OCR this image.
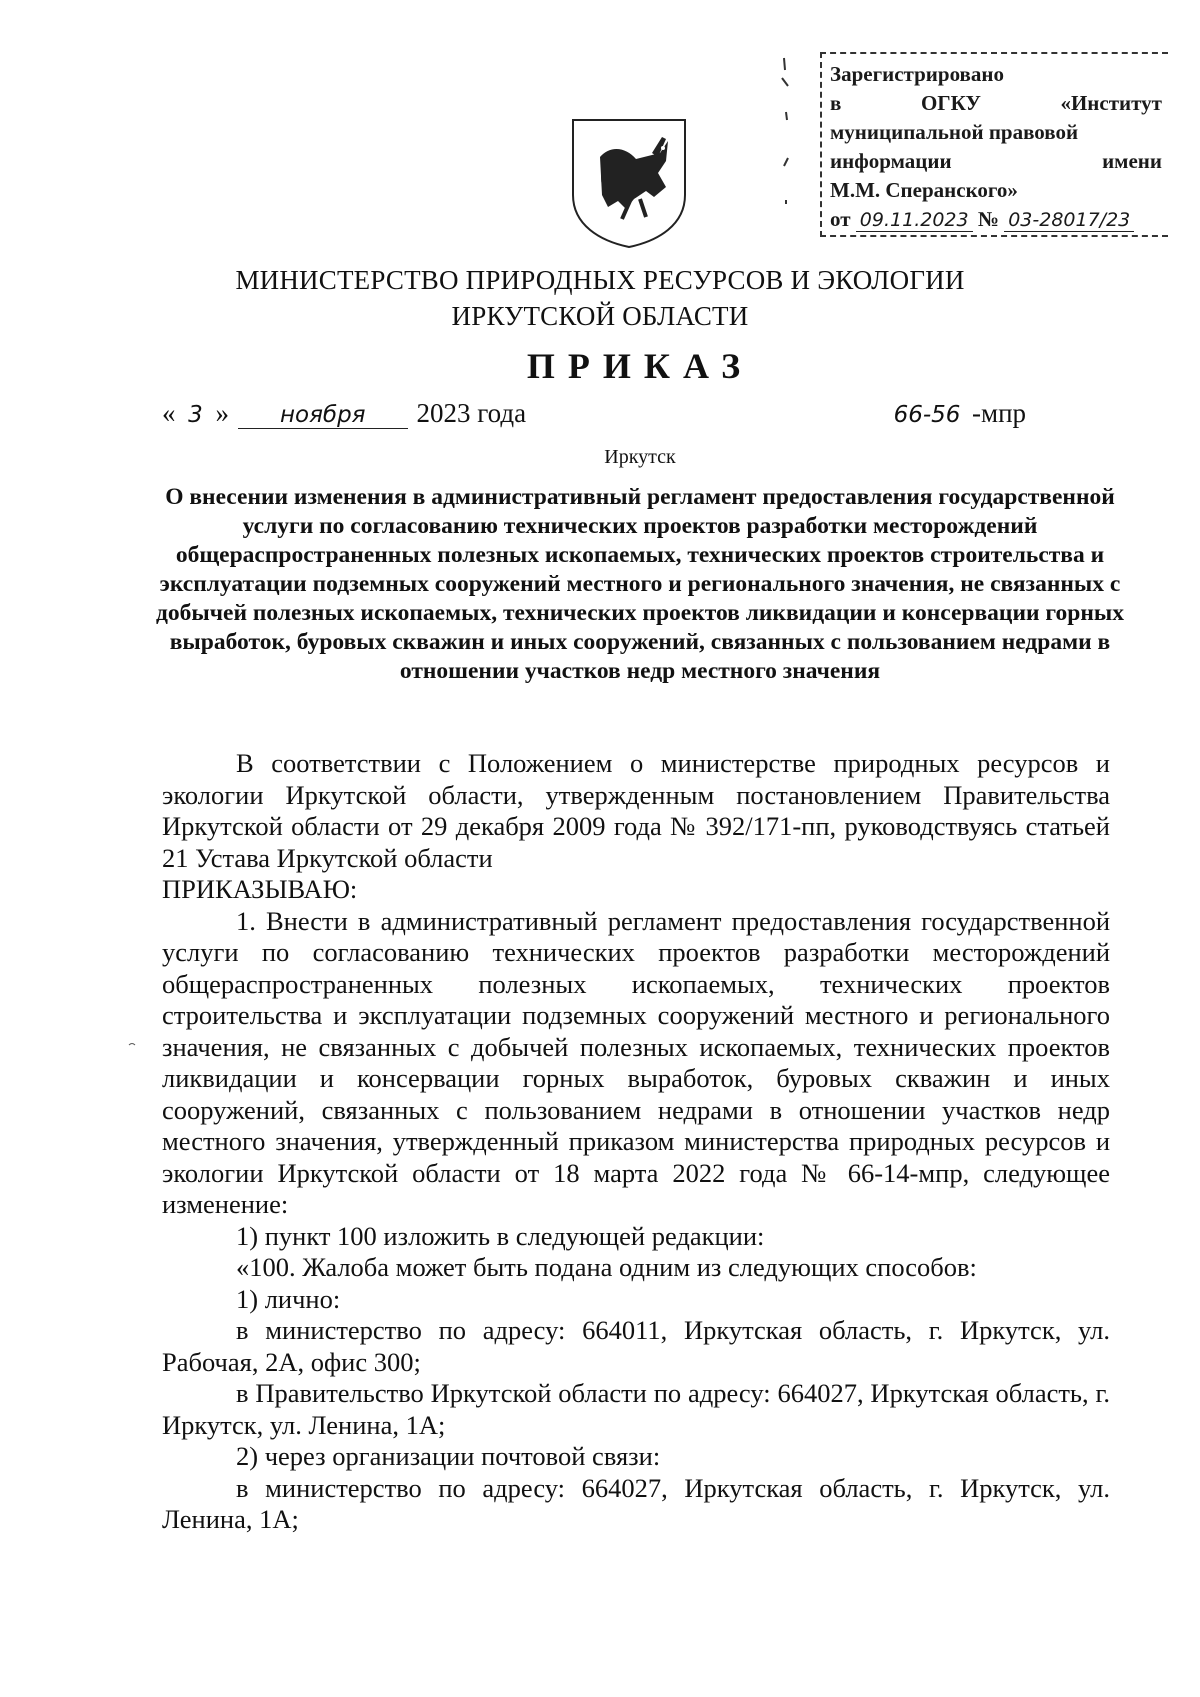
Зарегистрировано
в	ОГКУ	«Институт
муниципальной правовой
информации	имени
М.М. Сперанского»
от 09.11.2023 № 03-28017/23
МИНИСТЕРСТВО ПРИРОДНЫХ РЕСУРСОВ И ЭКОЛОГИИ
ИРКУТСКОЙ ОБЛАСТИ
ПРИКАЗ
« 3 » ноября 2023 года	66-56 -мпр
Иркутск
О внесении изменения в административный регламент предоставления государственной услуги по согласованию технических проектов разработки месторождений общераспространенных полезных ископаемых, технических проектов строительства и эксплуатации подземных сооружений местного и регионального значения, не связанных с добычей полезных ископаемых, технических проектов ликвидации и консервации горных выработок, буровых скважин и иных сооружений, связанных с пользованием недрами в отношении участков недр местного значения

В соответствии с Положением о министерстве природных ресурсов и экологии Иркутской области, утвержденным постановлением Правительства Иркутской области от 29 декабря 2009 года № 392/171-пп, руководствуясь статьей 21 Устава Иркутской области

ПРИКАЗЫВАЮ:

1. Внести в административный регламент предоставления государственной услуги по согласованию технических проектов разработки месторождений общераспространенных полезных ископаемых, технических проектов строительства и эксплуатации подземных сооружений местного и регионального значения, не связанных с добычей полезных ископаемых, технических проектов ликвидации и консервации горных выработок, буровых скважин и иных сооружений, связанных с пользованием недрами в отношении участков недр местного значения, утвержденный приказом министерства природных ресурсов и экологии Иркутской области от 18 марта 2022 года № 66-14-мпр, следующее изменение:

1) пункт 100 изложить в следующей редакции:

«100. Жалоба может быть подана одним из следующих способов:

1) лично:

в министерство по адресу: 664011, Иркутская область, г. Иркутск, ул. Рабочая, 2А, офис 300;

в Правительство Иркутской области по адресу: 664027, Иркутская область, г. Иркутск, ул. Ленина, 1А;

2) через организации почтовой связи:

в министерство по адресу: 664027, Иркутская область, г. Иркутск, ул. Ленина, 1А;
